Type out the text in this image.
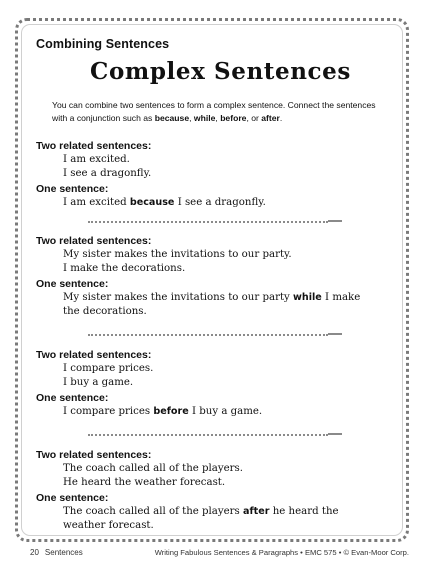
Combining Sentences
Complex Sentences
You can combine two sentences to form a complex sentence. Connect the sentences with a conjunction such as because, while, before, or after.
Two related sentences:
I am excited.
I see a dragonfly.
One sentence:
I am excited because I see a dragonfly.
Two related sentences:
My sister makes the invitations to our party.
I make the decorations.
One sentence:
My sister makes the invitations to our party while I make
the decorations.
Two related sentences:
I compare prices.
I buy a game.
One sentence:
I compare prices before I buy a game.
Two related sentences:
The coach called all of the players.
He heard the weather forecast.
One sentence:
The coach called all of the players after he heard the
weather forecast.
20 Sentences	Writing Fabulous Sentences & Paragraphs • EMC 575 • © Evan-Moor Corp.
